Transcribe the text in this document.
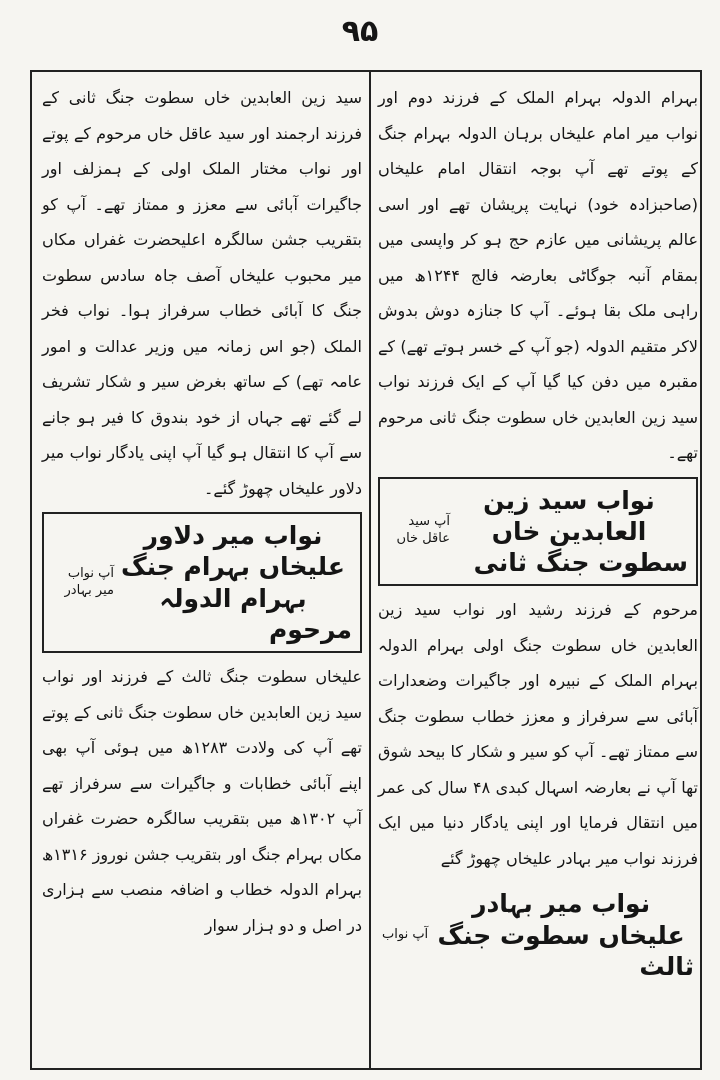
۹۵

بہرام الدولہ بہرام الملک کے فرزند دوم اور نواب میر امام علیخاں برہان الدولہ بہرام جنگ کے پوتے تھے آپ بوجہ انتقال امام علیخاں (صاحبزادہ خود) نہایت پریشان تھے اور اسی عالم پریشانی میں عازم حج ہو کر واپسی میں بمقام آنبہ جوگاٹی بعارضہ فالج ۱۲۴۴ھ میں راہی ملک بقا ہوئے۔ آپ کا جنازہ دوش بدوش لاکر متقیم الدولہ (جو آپ کے خسر ہوتے تھے) کے مقبرہ میں دفن کیا گیا آپ کے ایک فرزند نواب سید زین العابدین خاں سطوت جنگ ثانی مرحوم تھے۔

نواب سید زین العابدین خاں سطوت جنگ ثانی
آپ سید عاقل خاں

مرحوم کے فرزند رشید اور نواب سید زین العابدین خاں سطوت جنگ اولی بہرام الدولہ بہرام الملک کے نبیرہ اور جاگیرات وضعدارات آبائی سے سرفراز و معزز خطاب سطوت جنگ سے ممتاز تھے۔ آپ کو سیر و شکار کا بیحد شوق تھا آپ نے بعارضہ اسہال کبدی ۴۸ سال کی عمر میں انتقال فرمایا اور اپنی یادگار دنیا میں ایک فرزند نواب میر بہادر علیخاں چھوڑ گئے

نواب میر بہادر علیخاں سطوت جنگ ثالث
آپ نواب

سید زین العابدین خاں سطوت جنگ ثانی کے فرزند ارجمند اور سید عاقل خاں مرحوم کے پوتے اور نواب مختار الملک اولی کے ہمزلف اور جاگیرات آبائی سے معزز و ممتاز تھے۔ آپ کو بتقریب جشن سالگرہ اعلیحضرت غفراں مکاں میر محبوب علیخاں آصف جاہ سادس سطوت جنگ کا آبائی خطاب سرفراز ہوا۔ نواب فخر الملک (جو اس زمانہ میں وزیر عدالت و امور عامہ تھے) کے ساتھ بغرض سیر و شکار تشریف لے گئے تھے جہاں از خود بندوق کا فیر ہو جانے سے آپ کا انتقال ہو گیا آپ اپنی یادگار نواب میر دلاور علیخاں چھوڑ گئے۔

نواب میر دلاور علیخاں بہرام جنگ بہرام الدولہ مرحوم
آپ نواب میر بہادر

علیخاں سطوت جنگ ثالث کے فرزند اور نواب سید زین العابدین خاں سطوت جنگ ثانی کے پوتے تھے آپ کی ولادت ۱۲۸۳ھ میں ہوئی آپ بھی اپنے آبائی خطابات و جاگیرات سے سرفراز تھے آپ ۱۳۰۲ھ میں بتقریب سالگرہ حضرت غفراں مکاں بہرام جنگ اور بتقریب جشن نوروز ۱۳۱۶ھ بہرام الدولہ خطاب و اضافہ منصب سے ہزاری در اصل و دو ہزار سوار
